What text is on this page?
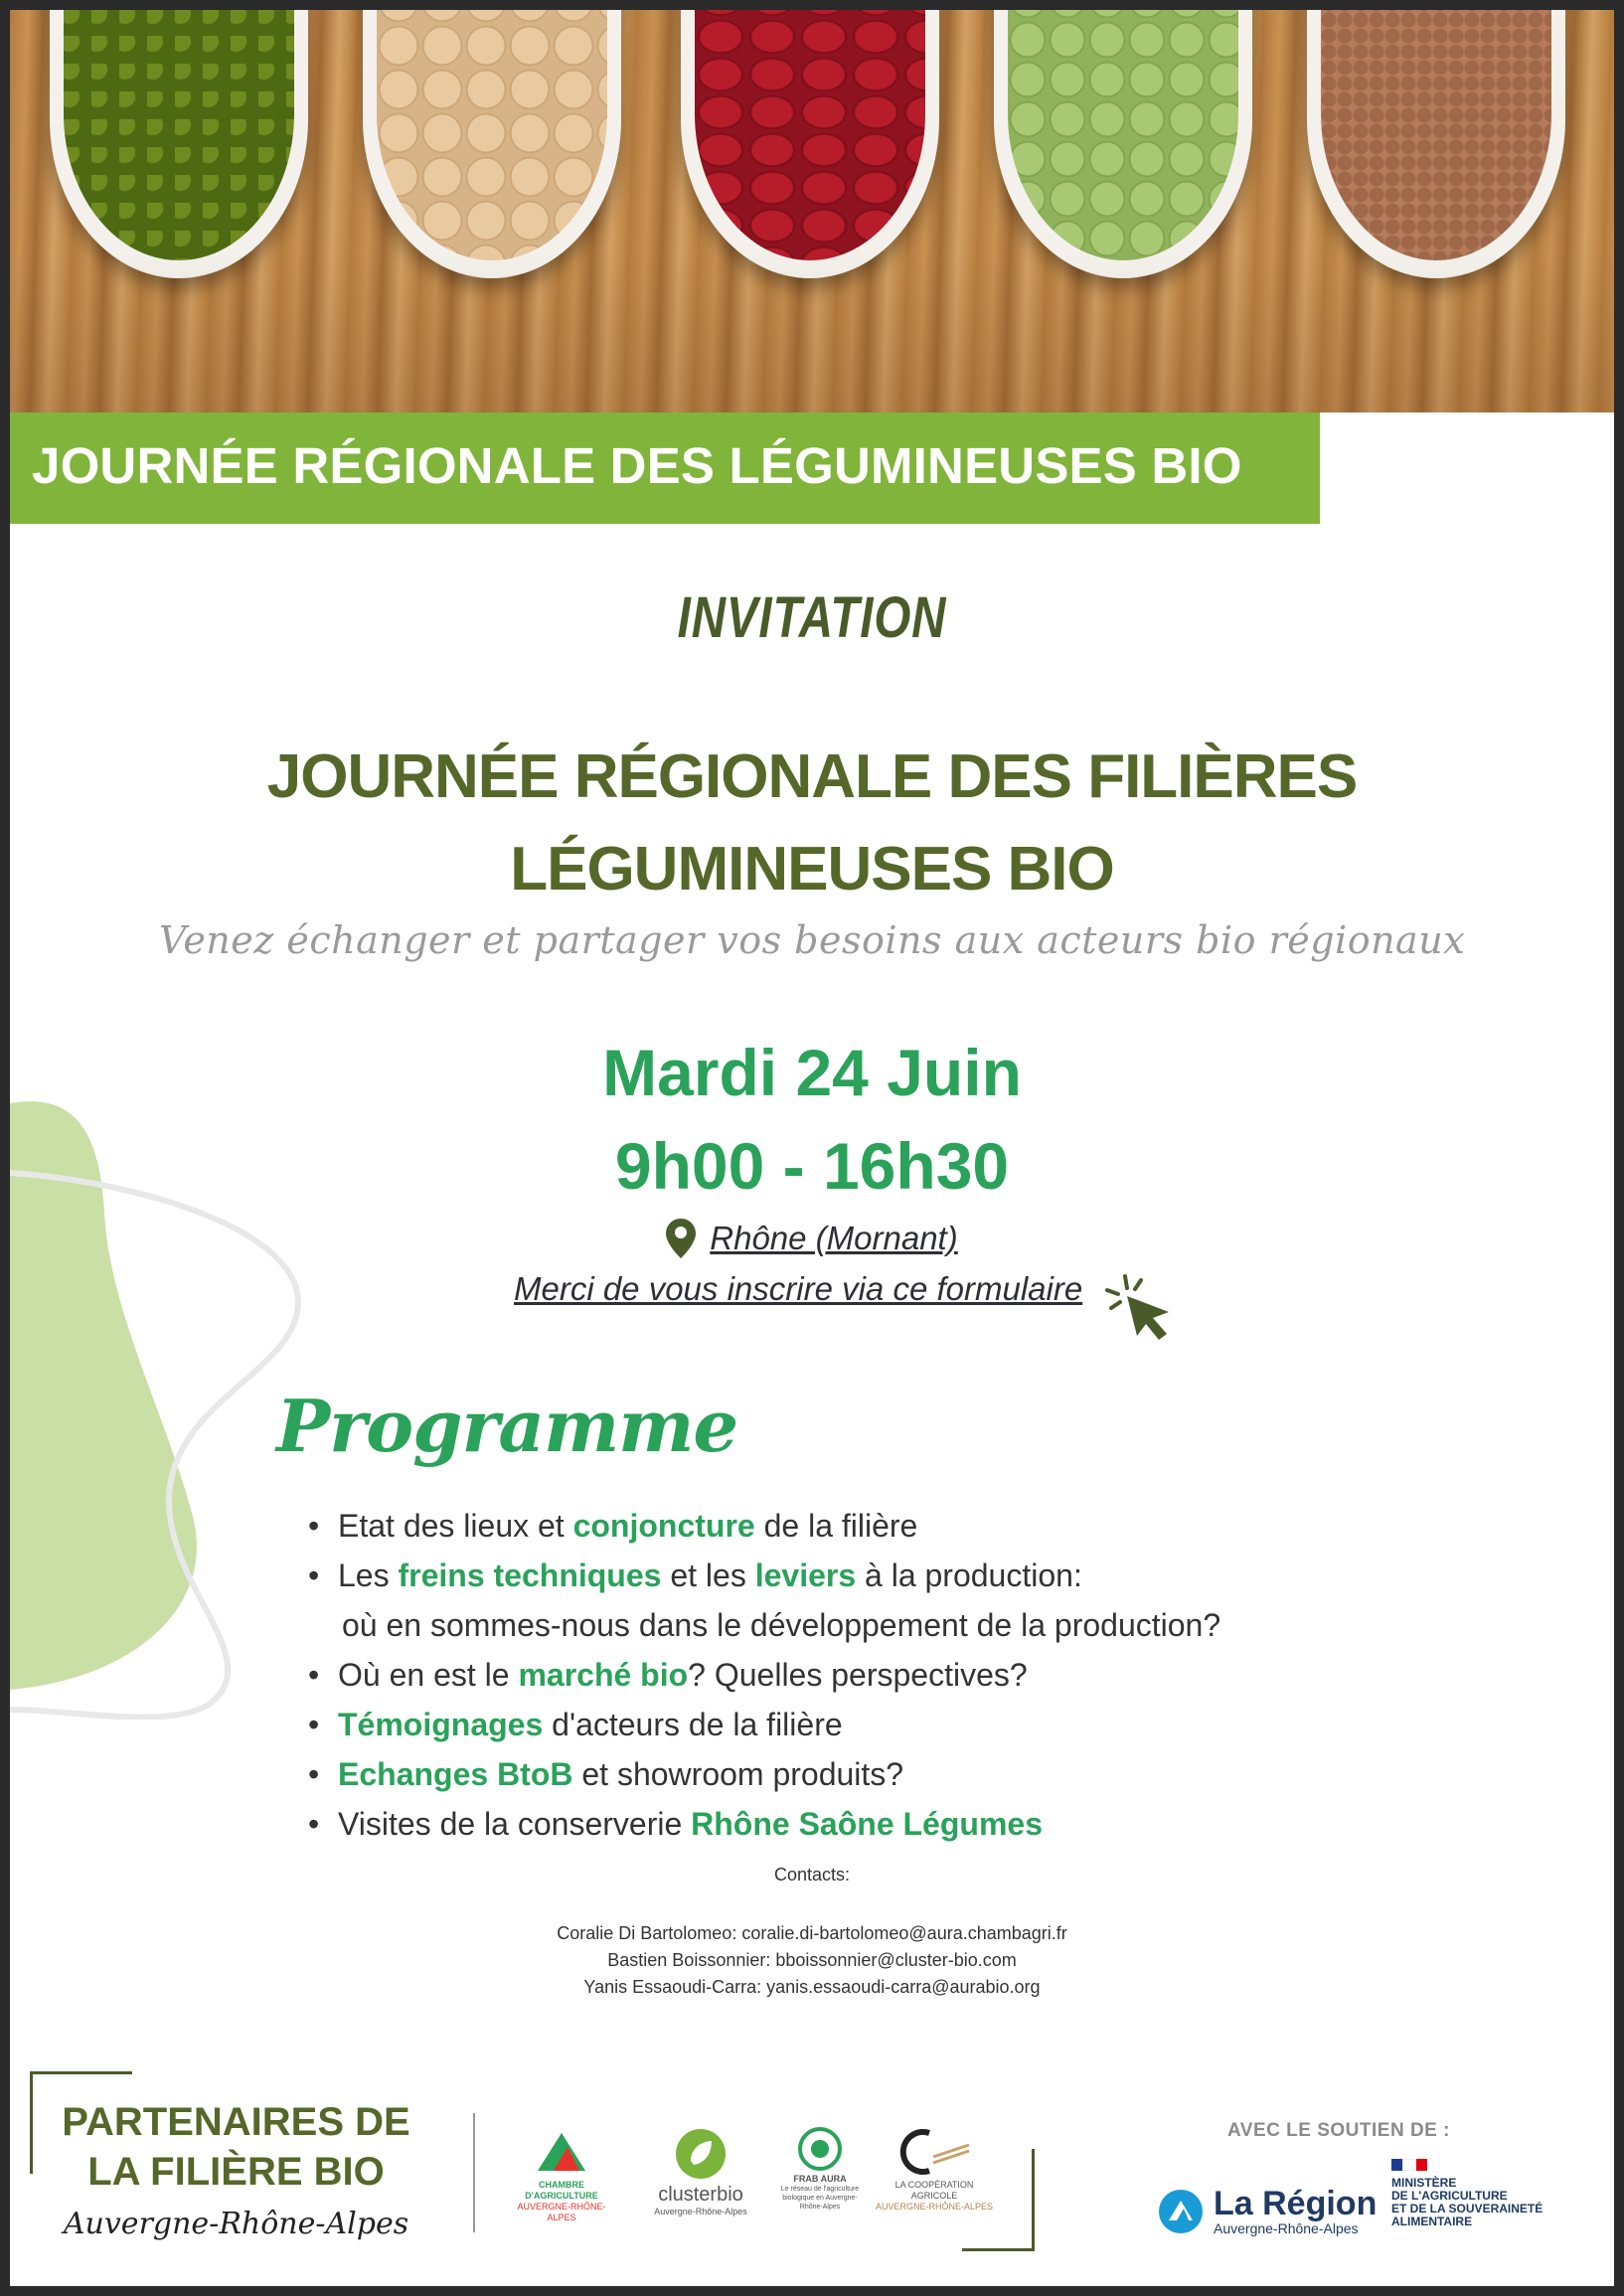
JOURNÉE RÉGIONALE DES LÉGUMINEUSES BIO
INVITATION
JOURNÉE RÉGIONALE DES FILIÈRES
LÉGUMINEUSES BIO
Venez échanger et partager vos besoins aux acteurs bio régionaux
Mardi 24 Juin
9h00 - 16h30
Rhône (Mornant)
Merci de vous inscrire via ce formulaire
Programme
• Etat des lieux et conjoncture de la filière
• Les freins techniques et les leviers à la production:
où en sommes-nous dans le développement de la production?
• Où en est le marché bio? Quelles perspectives?
• Témoignages d'acteurs de la filière
• Echanges BtoB et showroom produits?
• Visites de la conserverie Rhône Saône Légumes
Contacts:
Coralie Di Bartolomeo: coralie.di-bartolomeo@aura.chambagri.fr
Bastien Boissonnier: bboissonnier@cluster-bio.com
Yanis Essaoudi-Carra: yanis.essaoudi-carra@aurabio.org
PARTENAIRES DE
LA FILIÈRE BIO
Auvergne-Rhône-Alpes
CHAMBRE D'AGRICULTURE
AUVERGNE-RHÔNE-ALPES
clusterbio
Auvergne-Rhône-Alpes
FRAB AURA
Le réseau de l'agriculture biologique en Auvergne-Rhône-Alpes
LA COOPÉRATION AGRICOLE
AUVERGNE-RHÔNE-ALPES
AVEC LE SOUTIEN DE :
La Région
Auvergne-Rhône-Alpes
MINISTÈRE
DE L'AGRICULTURE
ET DE LA SOUVERAINETÉ
ALIMENTAIRE
